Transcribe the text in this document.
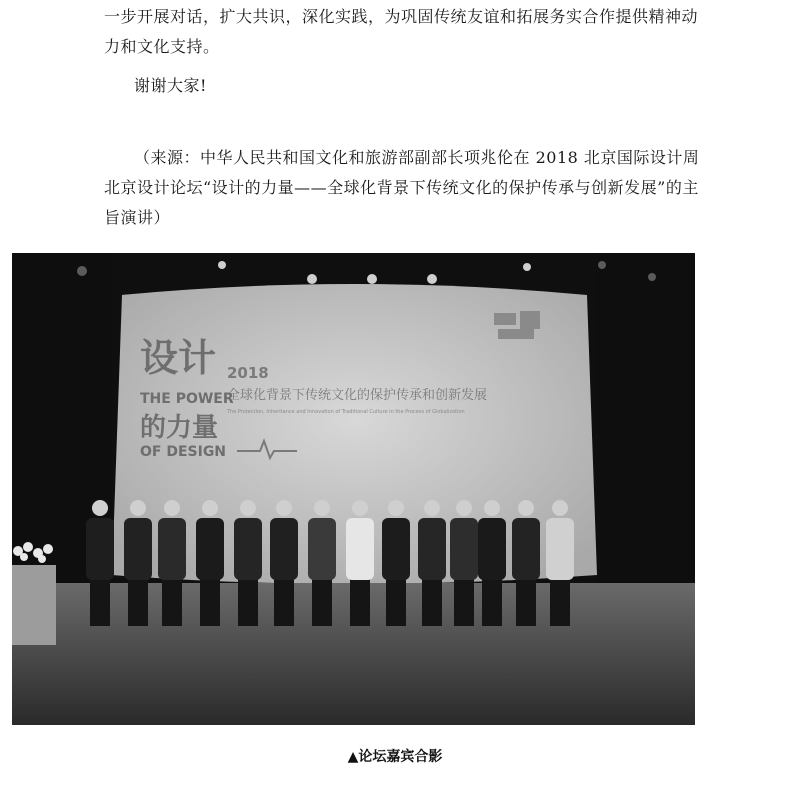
一步开展对话，扩大共识，深化实践，为巩固传统友谊和拓展务实合作提供精神动力和文化支持。

谢谢大家!

（来源：中华人民共和国文化和旅游部副部长项兆伦在 2018 北京国际设计周北京设计论坛“设计的力量——全球化背景下传统文化的保护传承与创新发展”的主旨演讲）

设计
THE POWER
的力量
OF DESIGN
2018
全球化背景下传统文化的保护传承和创新发展
The Protection, Inheritance and Innovation of Traditional Culture in the Process of Globalization
▲论坛嘉宾合影
